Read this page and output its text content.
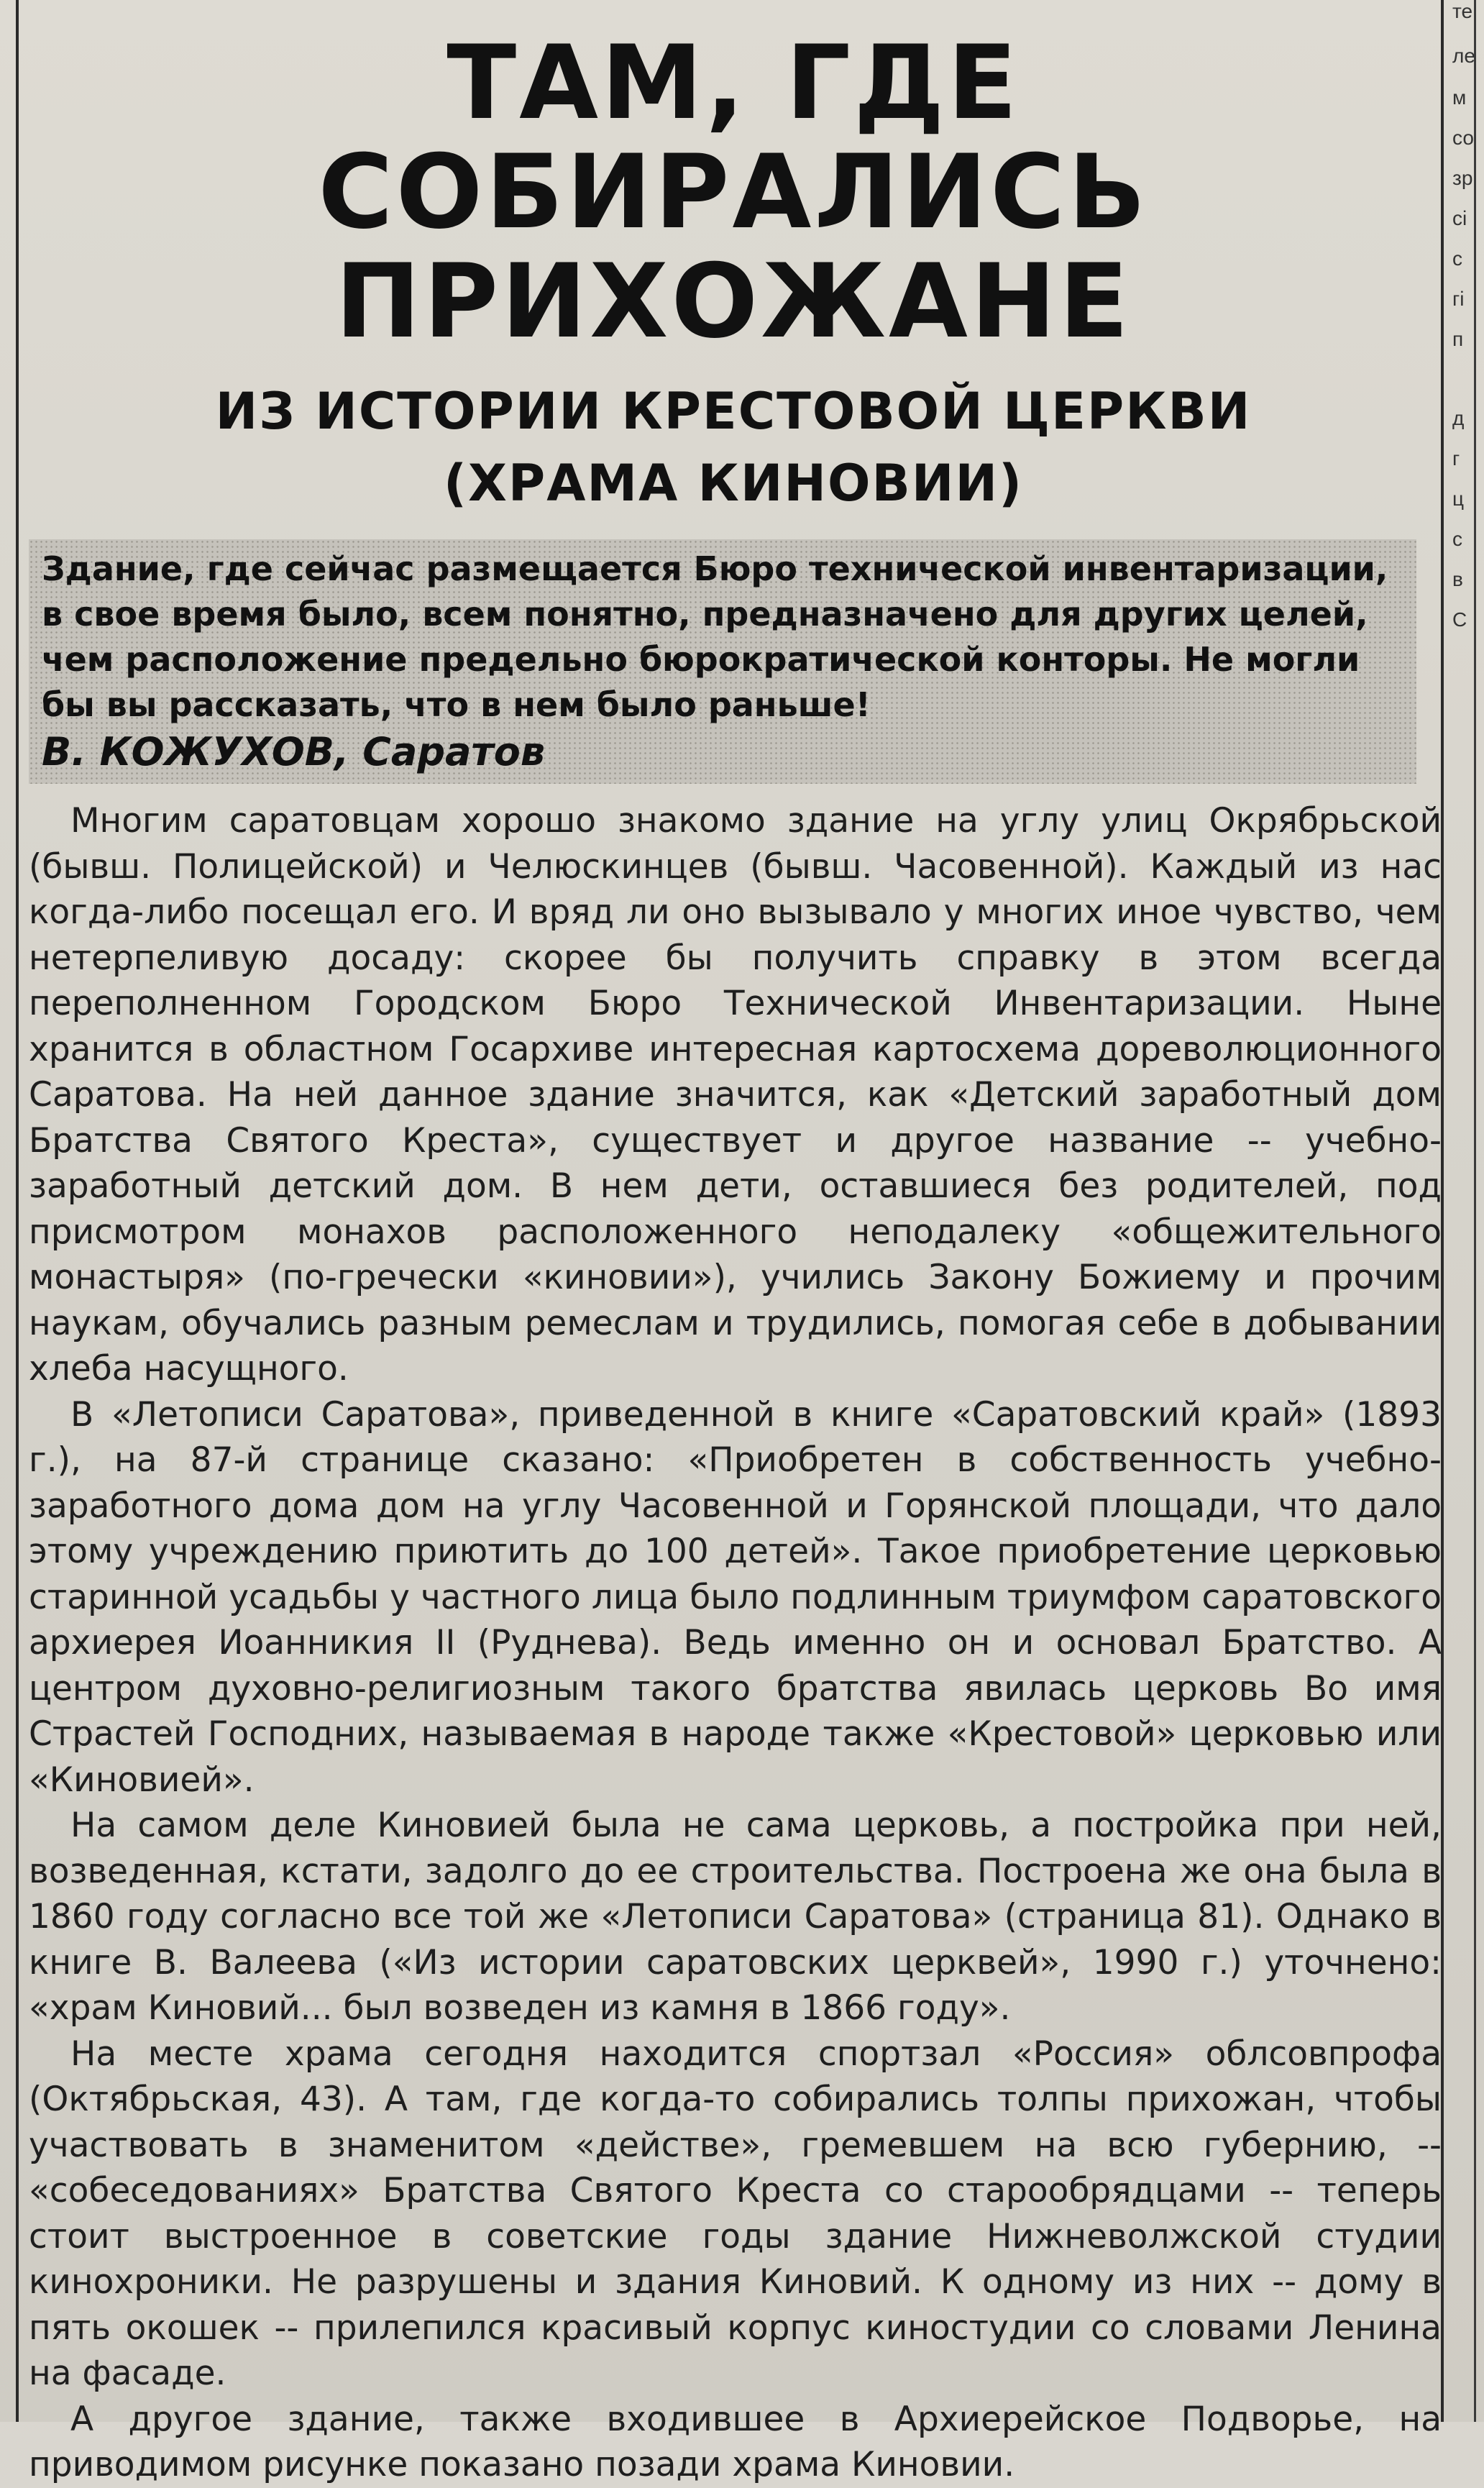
те
ле
м
со
зр
сі
с
гі
п
д
г
ц
с
в
С
ТАМ, ГДЕ СОБИРАЛИСЬ
ПРИХОЖАНЕ
ИЗ ИСТОРИИ КРЕСТОВОЙ ЦЕРКВИ
(ХРАМА КИНОВИИ)

Здание, где сейчас размещается Бюро технической инвентаризации, в свое время было, всем понятно, предназначено для других целей, чем расположение предельно бюрократической конторы. Не могли бы вы рассказать, что в нем было раньше!

В. КОЖУХОВ, Саратов

Многим саратовцам хорошо знакомо здание на углу улиц Окрябрьской (бывш. Полицейской) и Челюскинцев (бывш. Часовенной). Каждый из нас когда-либо посещал его. И вряд ли оно вызывало у многих иное чувство, чем нетерпеливую досаду: скорее бы получить справку в этом всегда переполненном Городском Бюро Технической Инвентаризации. Ныне хранится в областном Госархиве интересная картосхема дореволюционного Саратова. На ней данное здание значится, как «Детский заработный дом Братства Святого Креста», существует и другое название -- учебно-заработный детский дом. В нем дети, оставшиеся без родителей, под присмотром монахов расположенного неподалеку «общежительного монастыря» (по-гречески «киновии»), учились Закону Божиему и прочим наукам, обучались разным ремеслам и трудились, помогая себе в добывании хлеба насущного.

В «Летописи Саратова», приведенной в книге «Саратовский край» (1893 г.), на 87-й странице сказано: «Приобретен в собственность учебно-заработного дома дом на углу Часовенной и Горянской площади, что дало этому учреждению приютить до 100 детей». Такое приобретение церковью старинной усадьбы у частного лица было подлинным триумфом саратовского архиерея Иоанникия II (Руднева). Ведь именно он и основал Братство. А центром духовно-религиозным такого братства явилась церковь Во имя Страстей Господних, называемая в народе также «Крестовой» церковью или «Киновией».

На самом деле Киновией была не сама церковь, а постройка при ней, возведенная, кстати, задолго до ее строительства. Построена же она была в 1860 году согласно все той же «Летописи Саратова» (страница 81). Однако в книге В. Валеева («Из истории саратовских церквей», 1990 г.) уточнено: «храм Киновий... был возведен из камня в 1866 году».

На месте храма сегодня находится спортзал «Россия» облсовпрофа (Октябрьская, 43). А там, где когда-то собирались толпы прихожан, чтобы участвовать в знаменитом «действе», гремевшем на всю губернию, -- «собеседованиях» Братства Святого Креста со старообрядцами -- теперь стоит выстроенное в советские годы здание Нижневолжской студии кинохроники. Не разрушены и здания Киновий. К одному из них -- дому в пять окошек -- прилепился красивый корпус киностудии со словами Ленина на фасаде.

А другое здание, также входившее в Архиерейское Подворье, на приводимом рисунке показано позади храма Киновии.
